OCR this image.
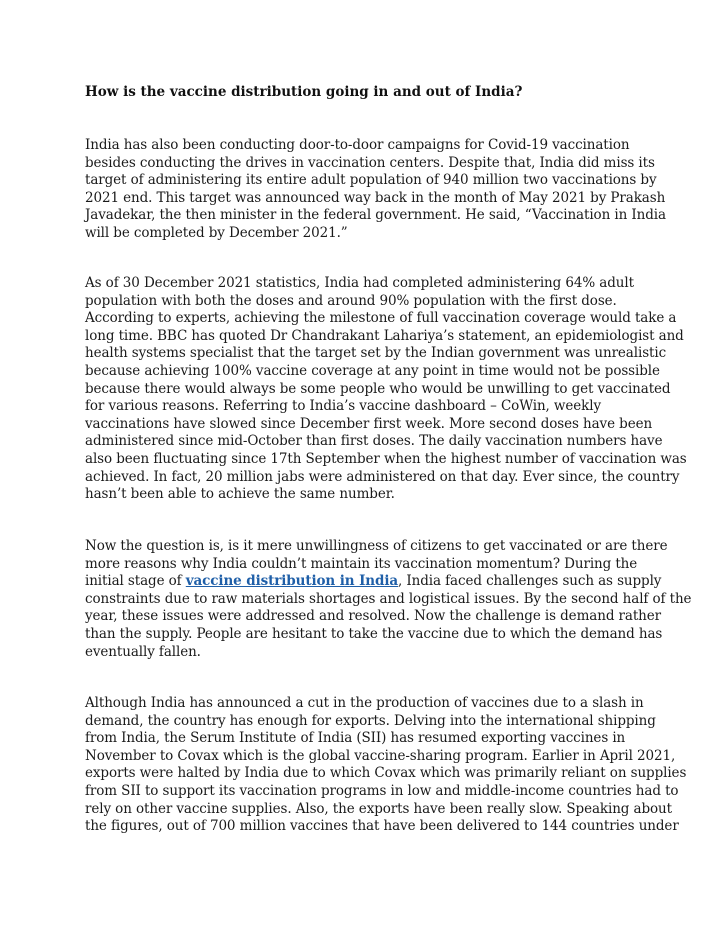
How is the vaccine distribution going in and out of India?

India has also been conducting door-to-door campaigns for Covid-19 vaccination
besides conducting the drives in vaccination centers. Despite that, India did miss its
target of administering its entire adult population of 940 million two vaccinations by
2021 end. This target was announced way back in the month of May 2021 by Prakash
Javadekar, the then minister in the federal government. He said, “Vaccination in India
will be completed by December 2021.”

As of 30 December 2021 statistics, India had completed administering 64% adult
population with both the doses and around 90% population with the first dose.
According to experts, achieving the milestone of full vaccination coverage would take a
long time. BBC has quoted Dr Chandrakant Lahariya’s statement, an epidemiologist and
health systems specialist that the target set by the Indian government was unrealistic
because achieving 100% vaccine coverage at any point in time would not be possible
because there would always be some people who would be unwilling to get vaccinated
for various reasons. Referring to India’s vaccine dashboard – CoWin, weekly
vaccinations have slowed since December first week. More second doses have been
administered since mid-October than first doses. The daily vaccination numbers have
also been fluctuating since 17th September when the highest number of vaccination was
achieved. In fact, 20 million jabs were administered on that day. Ever since, the country
hasn’t been able to achieve the same number.

Now the question is, is it mere unwillingness of citizens to get vaccinated or are there
more reasons why India couldn’t maintain its vaccination momentum? During the
initial stage of vaccine distribution in India, India faced challenges such as supply
constraints due to raw materials shortages and logistical issues. By the second half of the
year, these issues were addressed and resolved. Now the challenge is demand rather
than the supply. People are hesitant to take the vaccine due to which the demand has
eventually fallen.

Although India has announced a cut in the production of vaccines due to a slash in
demand, the country has enough for exports. Delving into the international shipping
from India, the Serum Institute of India (SII) has resumed exporting vaccines in
November to Covax which is the global vaccine-sharing program. Earlier in April 2021,
exports were halted by India due to which Covax which was primarily reliant on supplies
from SII to support its vaccination programs in low and middle-income countries had to
rely on other vaccine supplies. Also, the exports have been really slow. Speaking about
the figures, out of 700 million vaccines that have been delivered to 144 countries under
